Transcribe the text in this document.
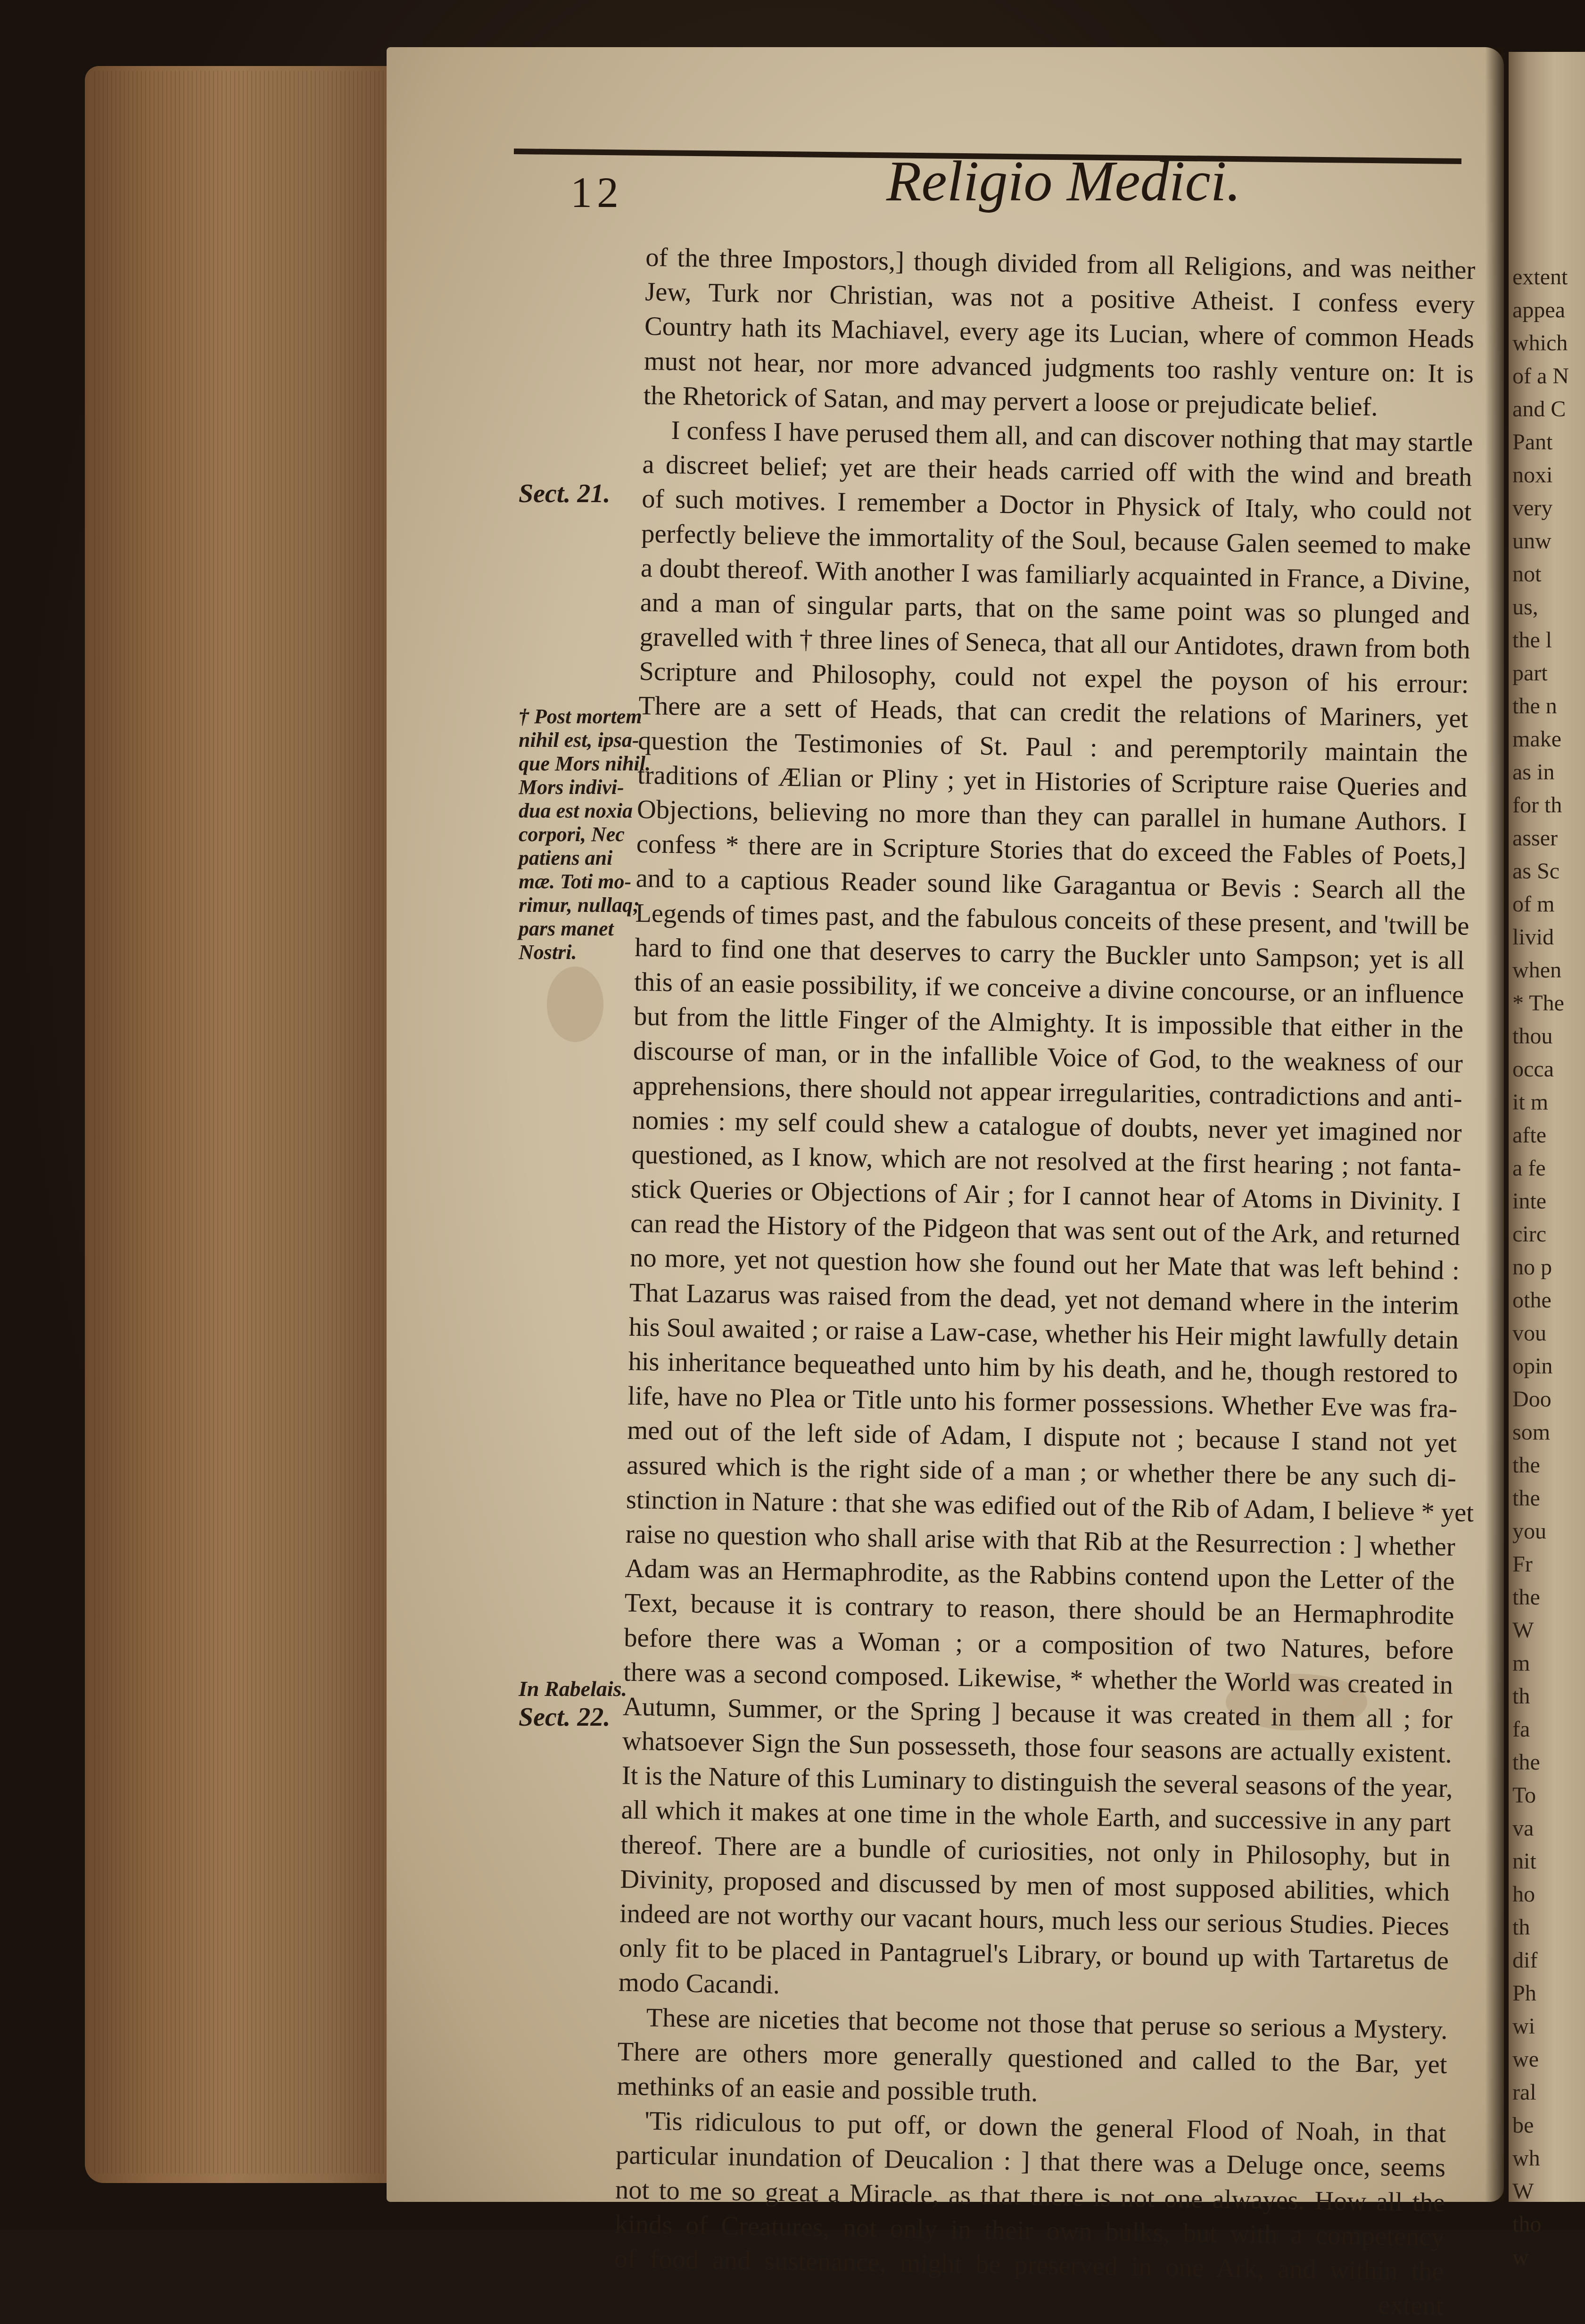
extent
appea
which
of a N
and C
Pant
noxi
very
unw
not
us,
the l
part
the n
make
as in
for th
asser
as Sc
of m
livid
when
* The
thou
occa
it m
afte
a fe
inte
circ
no p
othe
vou
opin
Doo
som
the
the
you
Fr
the
W
m
th
fa
the
To
va
nit
ho
th
dif
Ph
wi
we
ral
be
wh
W
tho
w
12	Religio Medici.
Sect. 21.
† Post mortem
nihil est, ipsa-
que Mors nihil.
Mors indivi-
dua est noxia
corpori, Nec
patiens ani
mæ. Toti mo-
rimur, nullaq;
pars manet
Nostri.
In Rabelais.
Sect. 22.
of the three Impostors,] though divided from all Religions, and was neither
Jew, Turk nor Christian, was not a positive Atheist. I confess every
Country hath its Machiavel, every age its Lucian, where of common Heads
must not hear, nor more advanced judgments too rashly venture on: It is
the Rhetorick of Satan, and may pervert a loose or prejudicate belief.
I confess I have perused them all, and can discover nothing that may startle
a discreet belief; yet are their heads carried off with the wind and breath
of such motives. I remember a Doctor in Physick of Italy, who could not
perfectly believe the immortality of the Soul, because Galen seemed to make
a doubt thereof. With another I was familiarly acquainted in France, a Divine,
and a man of singular parts, that on the same point was so plunged and
gravelled with † three lines of Seneca, that all our Antidotes, drawn from both
Scripture and Philosophy, could not expel the poyson of his errour:
There are a sett of Heads, that can credit the relations of Mariners, yet
question the Testimonies of St. Paul : and peremptorily maintain the
traditions of Ælian or Pliny ; yet in Histories of Scripture raise Queries and
Objections, believing no more than they can parallel in humane Authors. I
confess * there are in Scripture Stories that do exceed the Fables of Poets,]
and to a captious Reader sound like Garagantua or Bevis : Search all the
Legends of times past, and the fabulous conceits of these present, and 'twill be
hard to find one that deserves to carry the Buckler unto Sampson; yet is all
this of an easie possibility, if we conceive a divine concourse, or an influence
but from the little Finger of the Almighty. It is impossible that either in the
discourse of man, or in the infallible Voice of God, to the weakness of our
apprehensions, there should not appear irregularities, contradictions and anti-
nomies : my self could shew a catalogue of doubts, never yet imagined nor
questioned, as I know, which are not resolved at the first hearing ; not fanta-
stick Queries or Objections of Air ; for I cannot hear of Atoms in Divinity. I
can read the History of the Pidgeon that was sent out of the Ark, and returned
no more, yet not question how she found out her Mate that was left behind :
That Lazarus was raised from the dead, yet not demand where in the interim
his Soul awaited ; or raise a Law-case, whether his Heir might lawfully detain
his inheritance bequeathed unto him by his death, and he, though restored to
life, have no Plea or Title unto his former possessions. Whether Eve was fra-
med out of the left side of Adam, I dispute not ; because I stand not yet
assured which is the right side of a man ; or whether there be any such di-
stinction in Nature : that she was edified out of the Rib of Adam, I believe * yet
raise no question who shall arise with that Rib at the Resurrection : ] whether
Adam was an Hermaphrodite, as the Rabbins contend upon the Letter of the
Text, because it is contrary to reason, there should be an Hermaphrodite
before there was a Woman ; or a composition of two Natures, before
there was a second composed. Likewise, * whether the World was created in
Autumn, Summer, or the Spring ] because it was created in them all ; for
whatsoever Sign the Sun possesseth, those four seasons are actually existent.
It is the Nature of this Luminary to distinguish the several seasons of the year,
all which it makes at one time in the whole Earth, and successive in any part
thereof. There are a bundle of curiosities, not only in Philosophy, but in
Divinity, proposed and discussed by men of most supposed abilities, which
indeed are not worthy our vacant hours, much less our serious Studies. Pieces
only fit to be placed in Pantagruel's Library, or bound up with Tartaretus de
modo Cacandi.
These are niceties that become not those that peruse so serious a Mystery.
There are others more generally questioned and called to the Bar, yet
methinks of an easie and possible truth.
'Tis ridiculous to put off, or down the general Flood of Noah, in that
particular inundation of Deucalion : ] that there was a Deluge once, seems
not to me so great a Miracle, as that there is not one alwayes. How all the
kinds of Creatures, not only in their own bulks, but with a competency
of food and sustenance, might be preserved in one Ark, and within the
extent
